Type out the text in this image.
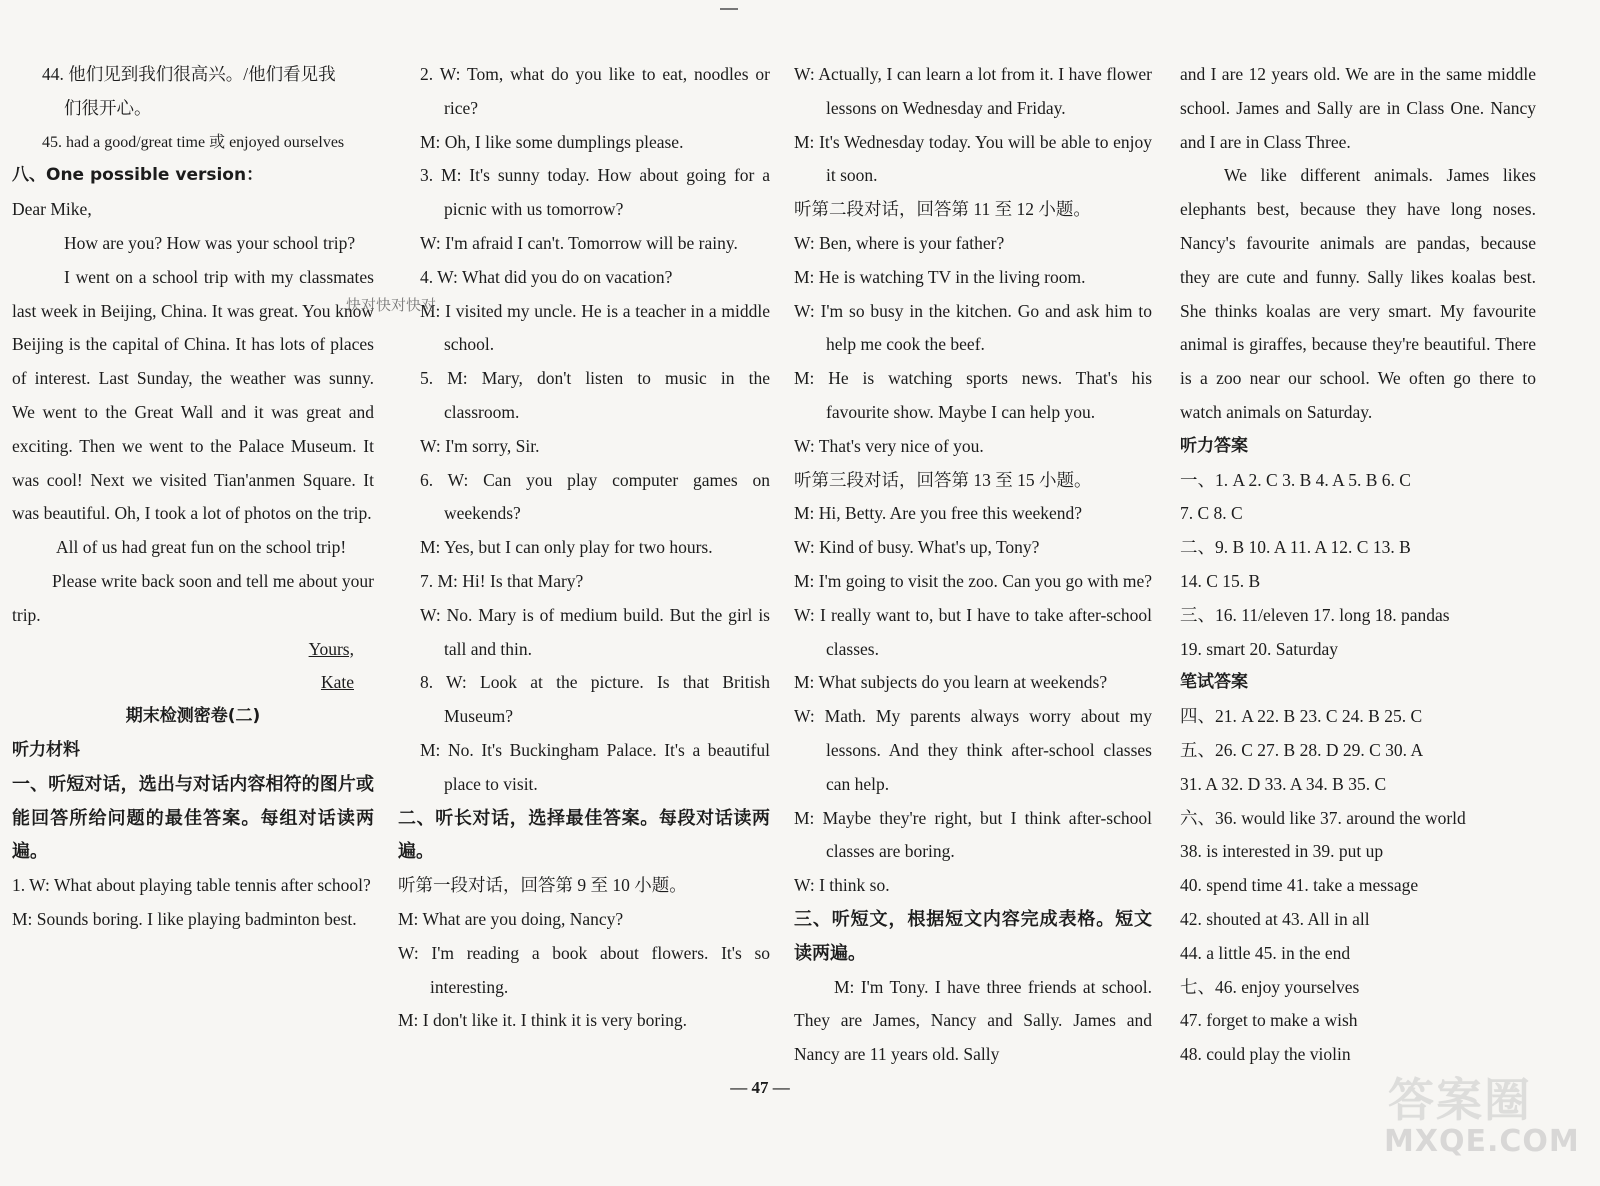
44. 他们见到我们很高兴。/他们看见我

们很开心。

45. had a good/great time 或 enjoyed ourselves

八、One possible version：

Dear Mike,

How are you? How was your school trip?

I went on a school trip with my classmates last week in Beijing, China. It was great. You know Beijing is the capital of China. It has lots of places of interest. Last Sunday, the weather was sunny. We went to the Great Wall and it was great and exciting. Then we went to the Palace Museum. It was cool! Next we visited Tian'anmen Square. It was beautiful. Oh, I took a lot of photos on the trip.

All of us had great fun on the school trip!

Please write back soon and tell me about your trip.

Yours,

Kate

期末检测密卷(二)

听力材料

一、听短对话，选出与对话内容相符的图片或能回答所给问题的最佳答案。每组对话读两遍。

1. W: What about playing table tennis after school?

M: Sounds boring. I like playing badminton best.

2. W: Tom, what do you like to eat, noodles or rice?

M: Oh, I like some dumplings please.

3. M: It's sunny today. How about going for a picnic with us tomorrow?

W: I'm afraid I can't. Tomorrow will be rainy.

4. W: What did you do on vacation?

M: I visited my uncle. He is a teacher in a middle school.

5. M: Mary, don't listen to music in the classroom.

W: I'm sorry, Sir.

6. W: Can you play computer games on weekends?

M: Yes, but I can only play for two hours.

7. M: Hi! Is that Mary?

W: No. Mary is of medium build. But the girl is tall and thin.

8. W: Look at the picture. Is that British Museum?

M: No. It's Buckingham Palace. It's a beautiful place to visit.

二、听长对话，选择最佳答案。每段对话读两遍。

听第一段对话，回答第 9 至 10 小题。

M: What are you doing, Nancy?

W: I'm reading a book about flowers. It's so interesting.

M: I don't like it. I think it is very boring.

W: Actually, I can learn a lot from it. I have flower lessons on Wednesday and Friday.

M: It's Wednesday today. You will be able to enjoy it soon.

听第二段对话，回答第 11 至 12 小题。

W: Ben, where is your father?

M: He is watching TV in the living room.

W: I'm so busy in the kitchen. Go and ask him to help me cook the beef.

M: He is watching sports news. That's his favourite show. Maybe I can help you.

W: That's very nice of you.

听第三段对话，回答第 13 至 15 小题。

M: Hi, Betty. Are you free this weekend?

W: Kind of busy. What's up, Tony?

M: I'm going to visit the zoo. Can you go with me?

W: I really want to, but I have to take after-school classes.

M: What subjects do you learn at weekends?

W: Math. My parents always worry about my lessons. And they think after-school classes can help.

M: Maybe they're right, but I think after-school classes are boring.

W: I think so.

三、听短文，根据短文内容完成表格。短文读两遍。

M: I'm Tony. I have three friends at school. They are James, Nancy and Sally. James and Nancy are 11 years old. Sally

and I are 12 years old. We are in the same middle school. James and Sally are in Class One. Nancy and I are in Class Three.

We like different animals. James likes elephants best, because they have long noses. Nancy's favourite animals are pandas, because they are cute and funny. Sally likes koalas best. She thinks koalas are very smart. My favourite animal is giraffes, because they're beautiful. There is a zoo near our school. We often go there to watch animals on Saturday.

听力答案

一、1. A 2. C 3. B 4. A 5. B 6. C

7. C 8. C

二、9. B 10. A 11. A 12. C 13. B

14. C 15. B

三、16. 11/eleven 17. long 18. pandas

19. smart 20. Saturday

笔试答案

四、21. A 22. B 23. C 24. B 25. C

五、26. C 27. B 28. D 29. C 30. A

31. A 32. D 33. A 34. B 35. C

六、36. would like 37. around the world

38. is interested in 39. put up

40. spend time 41. take a message

42. shouted at 43. All in all

44. a little 45. in the end

七、46. enjoy yourselves

47. forget to make a wish

48. could play the violin

快对快对快对
— 47 —	答案圈
MXQE.COM
